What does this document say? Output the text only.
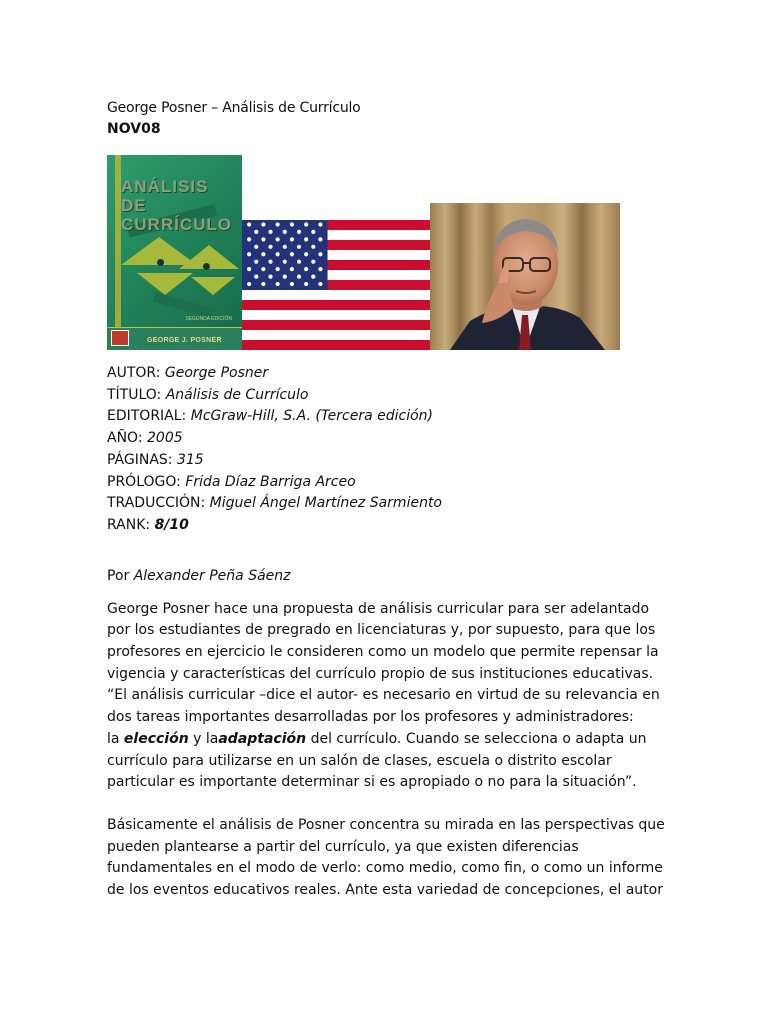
George Posner – Análisis de Currículo
NOV08
ANÁLISIS
DE
CURRÍCULO
SEGUNDA EDICIÓN
GEORGE J. POSNER
AUTOR: George Posner
TÍTULO: Análisis de Currículo
EDITORIAL: McGraw-Hill, S.A. (Tercera edición)
AÑO: 2005
PÁGINAS: 315
PRÓLOGO: Frida Díaz Barriga Arceo
TRADUCCIÓN: Miguel Ángel Martínez Sarmiento
RANK: 8/10
Por Alexander Peña Sáenz
George Posner hace una propuesta de análisis curricular para ser adelantado
por los estudiantes de pregrado en licenciaturas y, por supuesto, para que los
profesores en ejercicio le consideren como un modelo que permite repensar la
vigencia y características del currículo propio de sus instituciones educativas.
“El análisis curricular –dice el autor- es necesario en virtud de su relevancia en
dos tareas importantes desarrolladas por los profesores y administradores:
la elección y laadaptación del currículo. Cuando se selecciona o adapta un
currículo para utilizarse en un salón de clases, escuela o distrito escolar
particular es importante determinar si es apropiado o no para la situación”.
Básicamente el análisis de Posner concentra su mirada en las perspectivas que
pueden plantearse a partir del currículo, ya que existen diferencias
fundamentales en el modo de verlo: como medio, como fin, o como un informe
de los eventos educativos reales. Ante esta variedad de concepciones, el autor
